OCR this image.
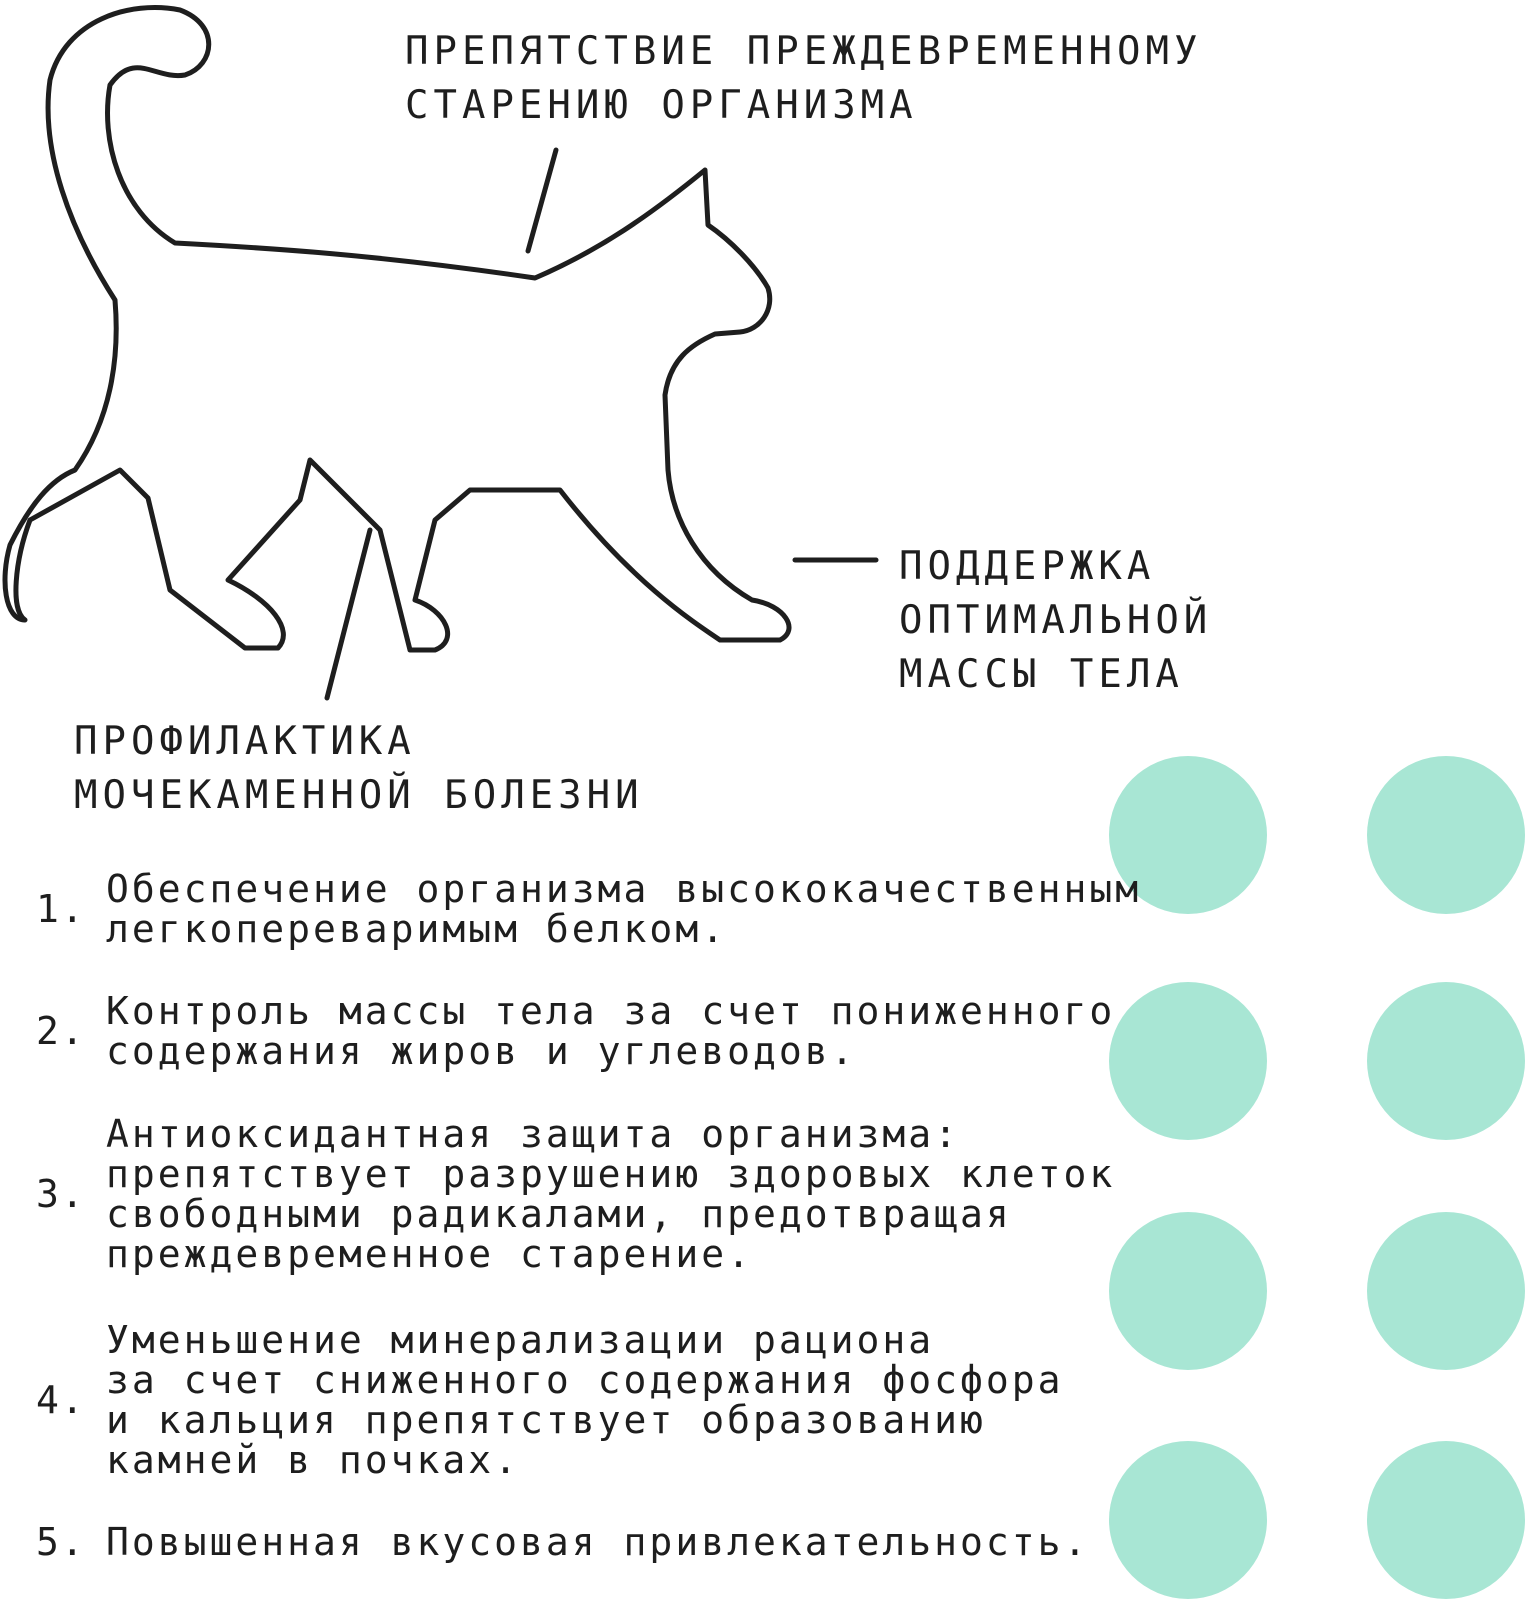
ПРЕПЯТСТВИЕ ПРЕЖДЕВРЕМЕННОМУ
СТАРЕНИЮ ОРГАНИЗМА
ПОДДЕРЖКА
ОПТИМАЛЬНОЙ
МАССЫ ТЕЛА
ПРОФИЛАКТИКА
МОЧЕКАМЕННОЙ БОЛЕЗНИ
1. Обеспечение организма высококачественным
легкопереваримым белком.
2. Контроль массы тела за счет пониженного
содержания жиров и углеводов.
3.
Антиоксидантная защита организма:
препятствует разрушению здоровых клеток
свободными радикалами, предотвращая
преждевременное старение.
4.
Уменьшение минерализации рациона
за счет сниженного содержания фосфора
и кальция препятствует образованию
камней в почках.
5. Повышенная вкусовая привлекательность.
